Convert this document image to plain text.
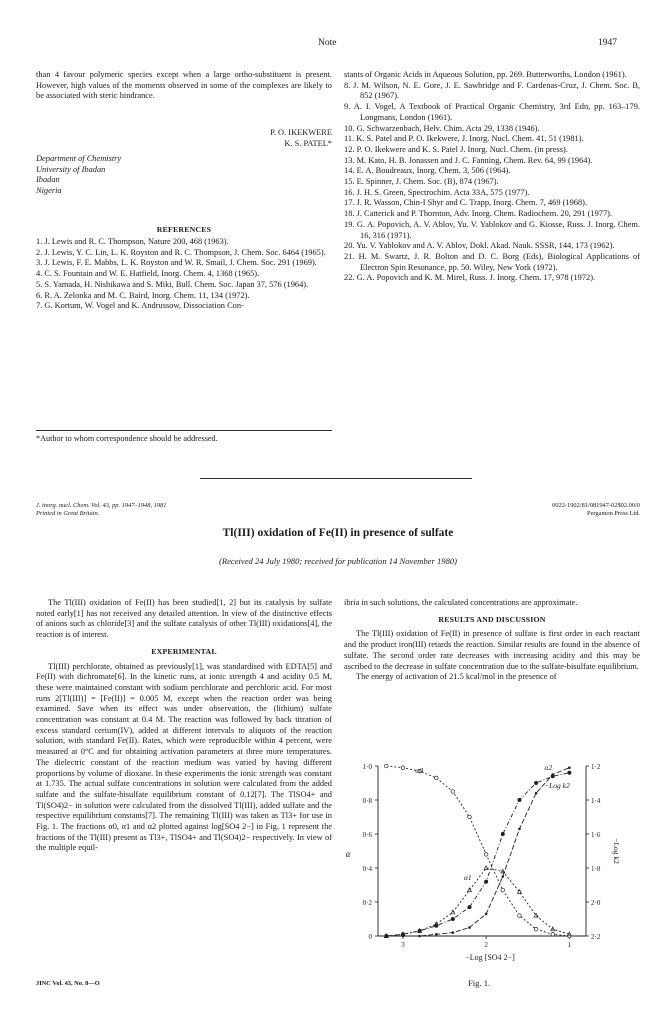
Note	1947

than 4 favour polymeric species except when a large ortho-substituent is present. However, high values of the moments observed in some of the complexes are likely to be associated with steric hindrance.

P. O. IKEKWERE
K. S. PATEL*
Department of Chemistry
University of Ibadan
Ibadan
Nigeria
REFERENCES

1. J. Lewis and R. C. Thompson, Nature 200, 468 (1963).

2. J. Lewis, Y. C. Lin, L. K. Royston and R. C. Thompson, J. Chem. Soc. 6464 (1965).

3. J. Lewis, F. E. Mabbs, L. K. Royston and W. R. Smail, J. Chem. Soc. 291 (1969).

4. C. S. Fountain and W. E. Hatfield, Inorg. Chem. 4, 1368 (1965).

5. S. Yamada, H. Nishikawa and S. Miki, Bull. Chem. Soc. Japan 37, 576 (1964).

6. R. A. Zelonka and M. C. Baird, Inorg. Chem. 11, 134 (1972).

7. G. Kortum, W. Vogel and K. Andrussow, Dissociation Con-

*Author to whom correspondence should be addressed.

stants of Organic Acids in Aqueous Solution, pp. 269. Butterworths, London (1961).

8. J. M. Wilson, N. E. Gore, J. E. Sawbridge and F. Cardenas-Cruz, J. Chem. Soc. B, 852 (1967).

9. A. I. Vogel, A Textbook of Practical Organic Chemistry, 3rd Edn, pp. 163–179. Longmans, London (1961).

10. G. Schwarzenbach, Helv. Chim. Acta 29, 1338 (1946).

11. K. S. Patel and P. O. Ikekwere, J. Inorg. Nucl. Chem. 41, 51 (1981).

12. P. O. Ikekwere and K. S. Patel J. Inorg. Nucl. Chem. (in press).

13. M. Kato, H. B. Jonassen and J. C. Fanning, Chem. Rev. 64, 99 (1964).

14. E. A. Boudreaux, Inorg. Chem. 3, 506 (1964).

15. E. Spinner, J. Chem. Soc. (B), 874 (1967).

16. J. H. S. Green, Spectrochim. Acta 33A, 575 (1977).

17. J. R. Wasson, Chin-I Shyr and C. Trapp, Inorg. Chem. 7, 469 (1968).

18. J. Catterick and P. Thornton, Adv. Inorg. Chem. Radiochem. 20, 291 (1977).

19. G. A. Popovich, A. V. Ablov, Yu. V. Yablokov and G. Kiosse, Russ. J. Inorg. Chem. 16, 316 (1971).

20. Yu. V. Yablokov and A. V. Ablov, Dokl. Akad. Nauk. SSSR, 144, 173 (1962).

21. H. M. Swartz, J. R. Bolton and D. C. Borg (Eds), Biological Applications of Electron Spin Resonance, pp. 50. Wiley, New York (1972).

22. G. A. Popovich and K. M. Mirel, Russ. J. Inorg. Chem. 17, 978 (1972).

J. inorg. nucl. Chem. Vol. 43, pp. 1947–1948, 1981
Printed in Great Britain.
0022-1902/81/081947-02$02.00/0
Pergamon Press Ltd.
Tl(III) oxidation of Fe(II) in presence of sulfate
(Received 24 July 1980; received for publication 14 November 1980)

The Tl(III) oxidation of Fe(II) has been studied[1, 2] but its catalysis by sulfate noted early[1] has not received any detailed attention. In view of the distinctive effects of anions such as chloride[3] and the sulfate catalysis of other Tl(III) oxidations[4], the reaction is of interest.

EXPERIMENTAL

Tl(III) perchlorate, obtained as previously[1], was standardised with EDTA[5] and Fe(II) with dichromate[6]. In the kinetic runs, at ionic strength 4 and acidity 0.5 M, these were maintained constant with sodium perchlorate and perchloric acid. For most runs 2[Tl(III)] = [Fe(II)] = 0.005 M, except when the reaction order was being examined. Save when its effect was under observation, the (lithium) sulfate concentration was constant at 0.4 M. The reaction was followed by back titration of excess standard cerium(IV), added at different intervals to aliquots of the reaction solution, with standard Fe(II). Rates, which were reproducible within 4 percent, were measured at 0°C and for obtaining activation parameters at three more temperatures. The dielectric constant of the reaction medium was varied by having different proportions by volume of dioxane. In these experiments the ionic strength was constant at 1.735. The actual sulfate concentrations in solution were calculated from the added sulfate and the sulfate-bisulfate equilibrium constant of 0.12[7]. The TlSO4+ and Tl(SO4)2− in solution were calculated from the dissolved Tl(III), added sulfate and the respective equilibrium constants[7]. The remaining Tl(III) was taken as Tl3+ for use in Fig. 1. The fractions α0, α1 and α2 plotted against log[SO4 2−] in Fig. 1 represent the fractions of the Tl(III) present as Tl3+, TlSO4+ and Tl(SO4)2− respectively. In view of the multiple equil-

ibria in such solutions, the calculated concentrations are approximate.

RESULTS AND DISCUSSION

The Tl(III) oxidation of Fe(II) in presence of sulfate is first order in each reactant and the product iron(III) retards the reaction. Similar results are found in the absence of sulfate. The second order rate decreases with increasing acidity and this may be ascribed to the decrease in sulfate concentration due to the sulfate-bisulfate equilibrium.

The energy of activation of 21.5 kcal/mol in the presence of

0
0·2
0·4
0·6
0·8
1·0
2·2
2·0
1·8
1·6
1·4
1·2
3	2	1
−Log [SO4 2−]
α	−Log k2
α0
α1
α2
−Log k2
Fig. 1.
JINC Vol. 43, No. 8—O
